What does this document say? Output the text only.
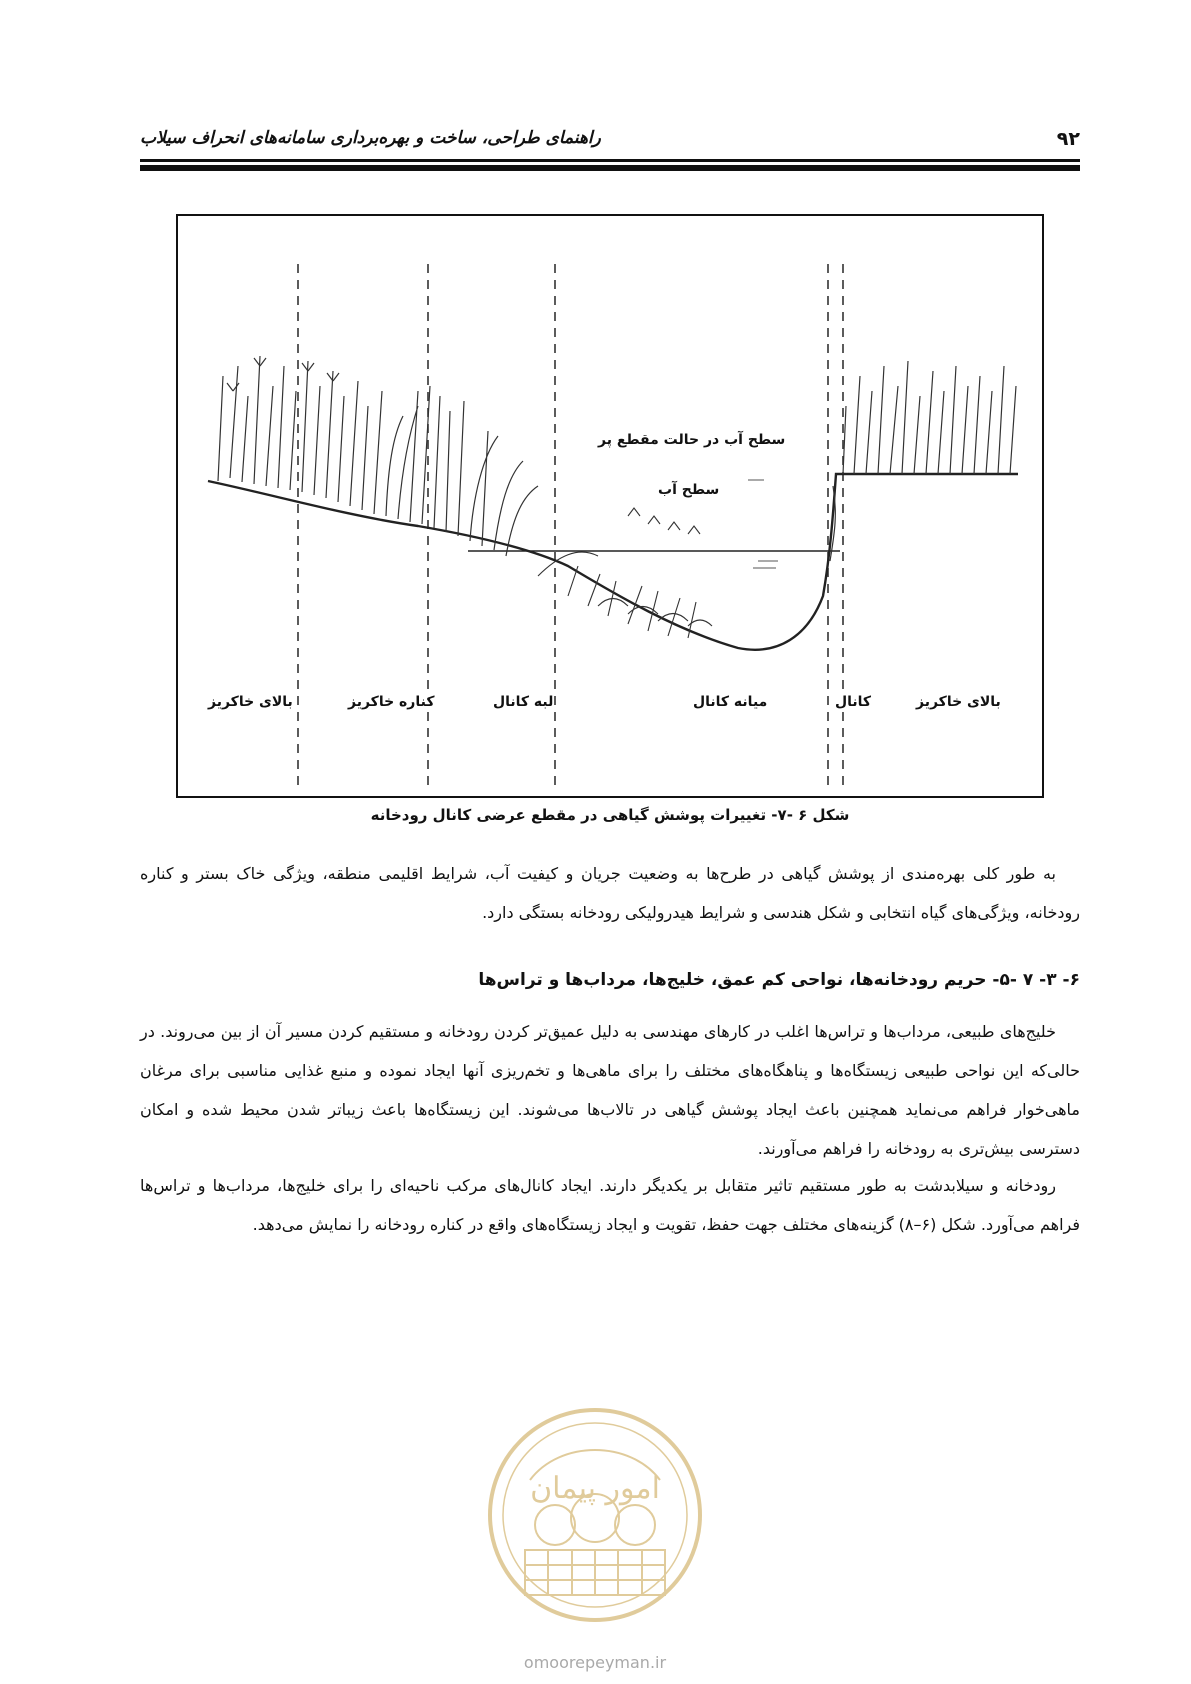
۹۲
راهنمای طراحی، ساخت و بهره‌برداری سامانه‌های انحراف سیلاب
سطح آب در حالت مقطع پر
سطح آب
بالای خاکریز	کناره خاکریز	لبه کانال	میانه کانال	کانال	بالای خاکریز
شکل ۶ -۷- تغییرات پوشش گیاهی در مقطع عرضی کانال رودخانه

به طور کلی بهره‌مندی از پوشش گیاهی در طرح‌ها به وضعیت جریان و کیفیت آب، شرایط اقلیمی منطقه، ویژگی خاک بستر و کناره رودخانه، ویژگی‌های گیاه انتخابی و شکل هندسی و شرایط هیدرولیکی رودخانه بستگی دارد.

۶- ۳- ۷ -۵- حریم رودخانه‌ها، نواحی کم عمق، خلیج‌ها، مرداب‌ها و تراس‌ها

خلیج‌های طبیعی، مرداب‌ها و تراس‌ها اغلب در کارهای مهندسی به دلیل عمیق‌تر کردن رودخانه و مستقیم کردن مسیر آن از بین می‌روند. در حالی‌که این نواحی طبیعی زیستگاه‌ها و پناهگاه‌های مختلف را برای ماهی‌ها و تخم‌ریزی آنها ایجاد نموده و منبع غذایی مناسبی برای مرغان ماهی‌خوار فراهم می‌نماید همچنین باعث ایجاد پوشش گیاهی در تالاب‌ها می‌شوند. این زیستگاه‌ها باعث زیباتر شدن محیط شده و امکان دسترسی بیش‌تری به رودخانه را فراهم می‌آورند.

رودخانه و سیلابدشت به طور مستقیم تاثیر متقابل بر یکدیگر دارند. ایجاد کانال‌های مرکب ناحیه‌ای را برای خلیج‌ها، مرداب‌ها و تراس‌ها فراهم می‌آورد. شکل (۶–۸) گزینه‌های مختلف جهت حفظ، تقویت و ایجاد زیستگاه‌های واقع در کناره رودخانه را نمایش می‌دهد.

امور پیمان
omoorepeyman.ir
